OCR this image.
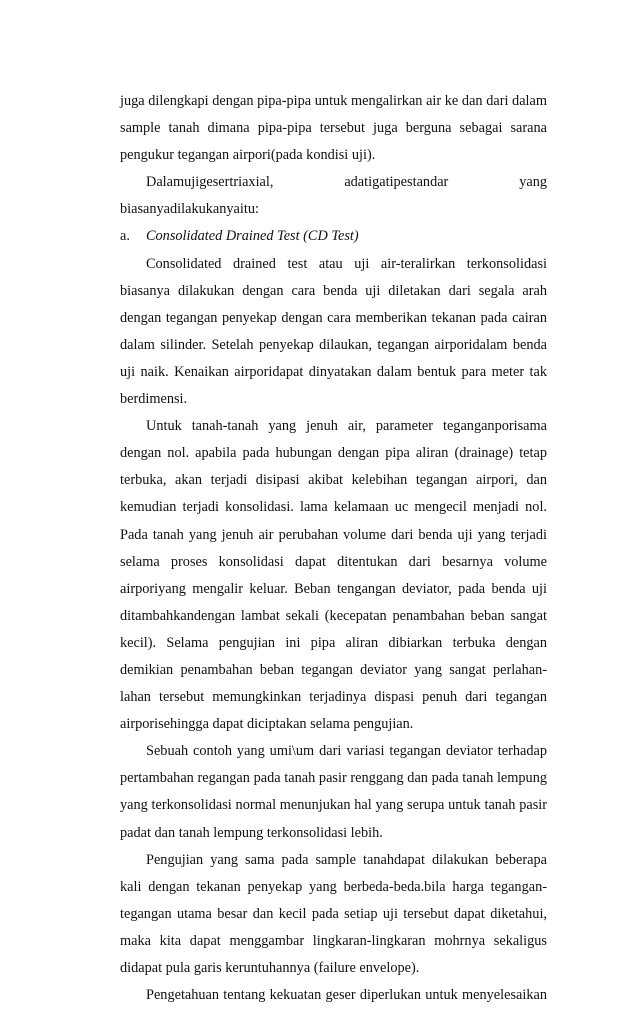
juga dilengkapi dengan pipa-pipa untuk mengalirkan air ke dan dari dalam sample tanah dimana pipa-pipa tersebut juga berguna sebagai sarana pengukur tegangan airpori(pada kondisi uji).

Dalamujigesertriaxial, adatigatipestandar yang biasanyadilakukanyaitu:

a.	Consolidated Drained Test (CD Test)

Consolidated drained test atau uji air-teralirkan terkonsolidasi biasanya dilakukan dengan cara benda uji diletakan dari segala arah dengan tegangan penyekap dengan cara memberikan tekanan pada cairan dalam silinder. Setelah penyekap dilaukan, tegangan airporidalam benda uji naik. Kenaikan airporidapat dinyatakan dalam bentuk para meter tak berdimensi.

Untuk tanah-tanah yang jenuh air, parameter teganganporisama dengan nol. apabila pada hubungan dengan pipa aliran (drainage) tetap terbuka, akan terjadi disipasi akibat kelebihan tegangan airpori, dan kemudian terjadi konsolidasi. lama kelamaan uc mengecil menjadi nol. Pada tanah yang jenuh air perubahan volume dari benda uji yang terjadi selama proses konsolidasi dapat ditentukan dari besarnya volume airporiyang mengalir keluar. Beban tengangan deviator, pada benda uji ditambahkandengan lambat sekali (kecepatan penambahan beban sangat kecil). Selama pengujian ini pipa aliran dibiarkan terbuka dengan demikian penambahan beban tegangan deviator yang sangat perlahan-lahan tersebut memungkinkan terjadinya dispasi penuh dari tegangan airporisehingga dapat diciptakan selama pengujian.

Sebuah contoh yang umi\um dari variasi tegangan deviator terhadap pertambahan regangan pada tanah pasir renggang dan pada tanah lempung yang terkonsolidasi normal menunjukan hal yang serupa untuk tanah pasir padat dan tanah lempung terkonsolidasi lebih.

Pengujian yang sama pada sample tanahdapat dilakukan beberapa kali dengan tekanan penyekap yang berbeda-beda.bila harga tegangan-tegangan utama besar dan kecil pada setiap uji tersebut dapat diketahui, maka kita dapat menggambar lingkaran-lingkaran mohrnya sekaligus didapat pula garis keruntuhannya (failure envelope).

Pengetahuan tentang kekuatan geser diperlukan untuk menyelesaikan
